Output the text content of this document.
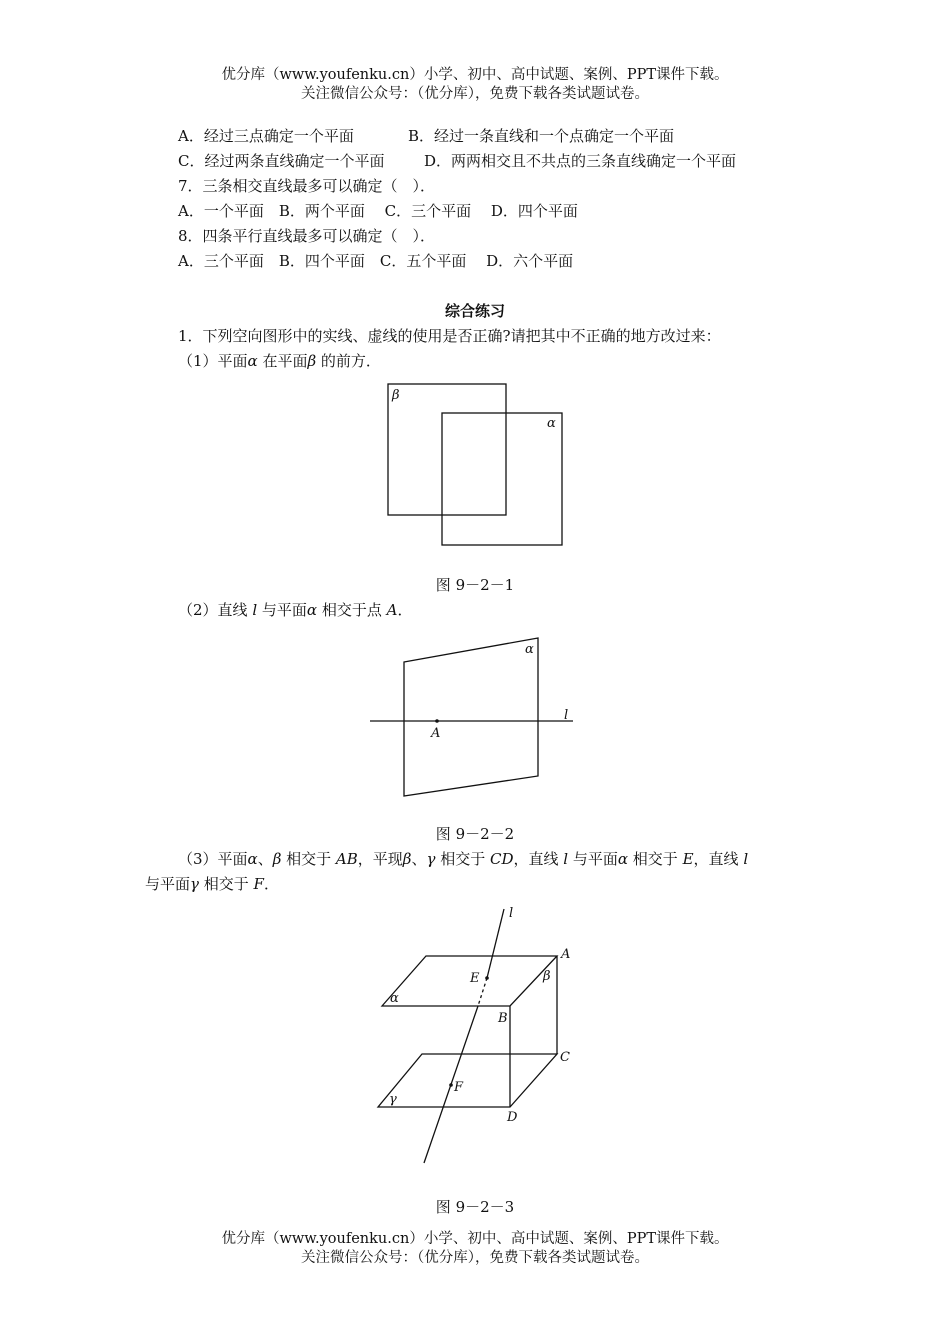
优分库（www.youfenku.cn）小学、初中、高中试题、案例、PPT课件下载。
关注微信公众号：（优分库），免费下载各类试题试卷。
A．经过三点确定一个平面	B．经过一条直线和一个点确定一个平面
C．经过两条直线确定一个平面	D．两两相交且不共点的三条直线确定一个平面
7．三条相交直线最多可以确定（　）．
A．一个平面　B．两个平面　 C．三个平面　 D．四个平面
8．四条平行直线最多可以确定（　）．
A．三个平面　B．四个平面　C．五个平面　 D．六个平面
综合练习
1．下列空向图形中的实线、虚线的使用是否正确?请把其中不正确的地方改过来：
（1）平面α 在平面β 的前方．
β
α
图 9－2－1
（2）直线 l 与平面α 相交于点 A．
α
l
A
图 9－2－2
（3）平面α、β 相交于 AB，平现β、γ 相交于 CD，直线 l 与平面α 相交于 E，直线 l
与平面γ 相交于 F．
l
A
E	β
α
B
C
F
γ
D
图 9－2－3
优分库（www.youfenku.cn）小学、初中、高中试题、案例、PPT课件下载。
关注微信公众号：（优分库），免费下载各类试题试卷。
